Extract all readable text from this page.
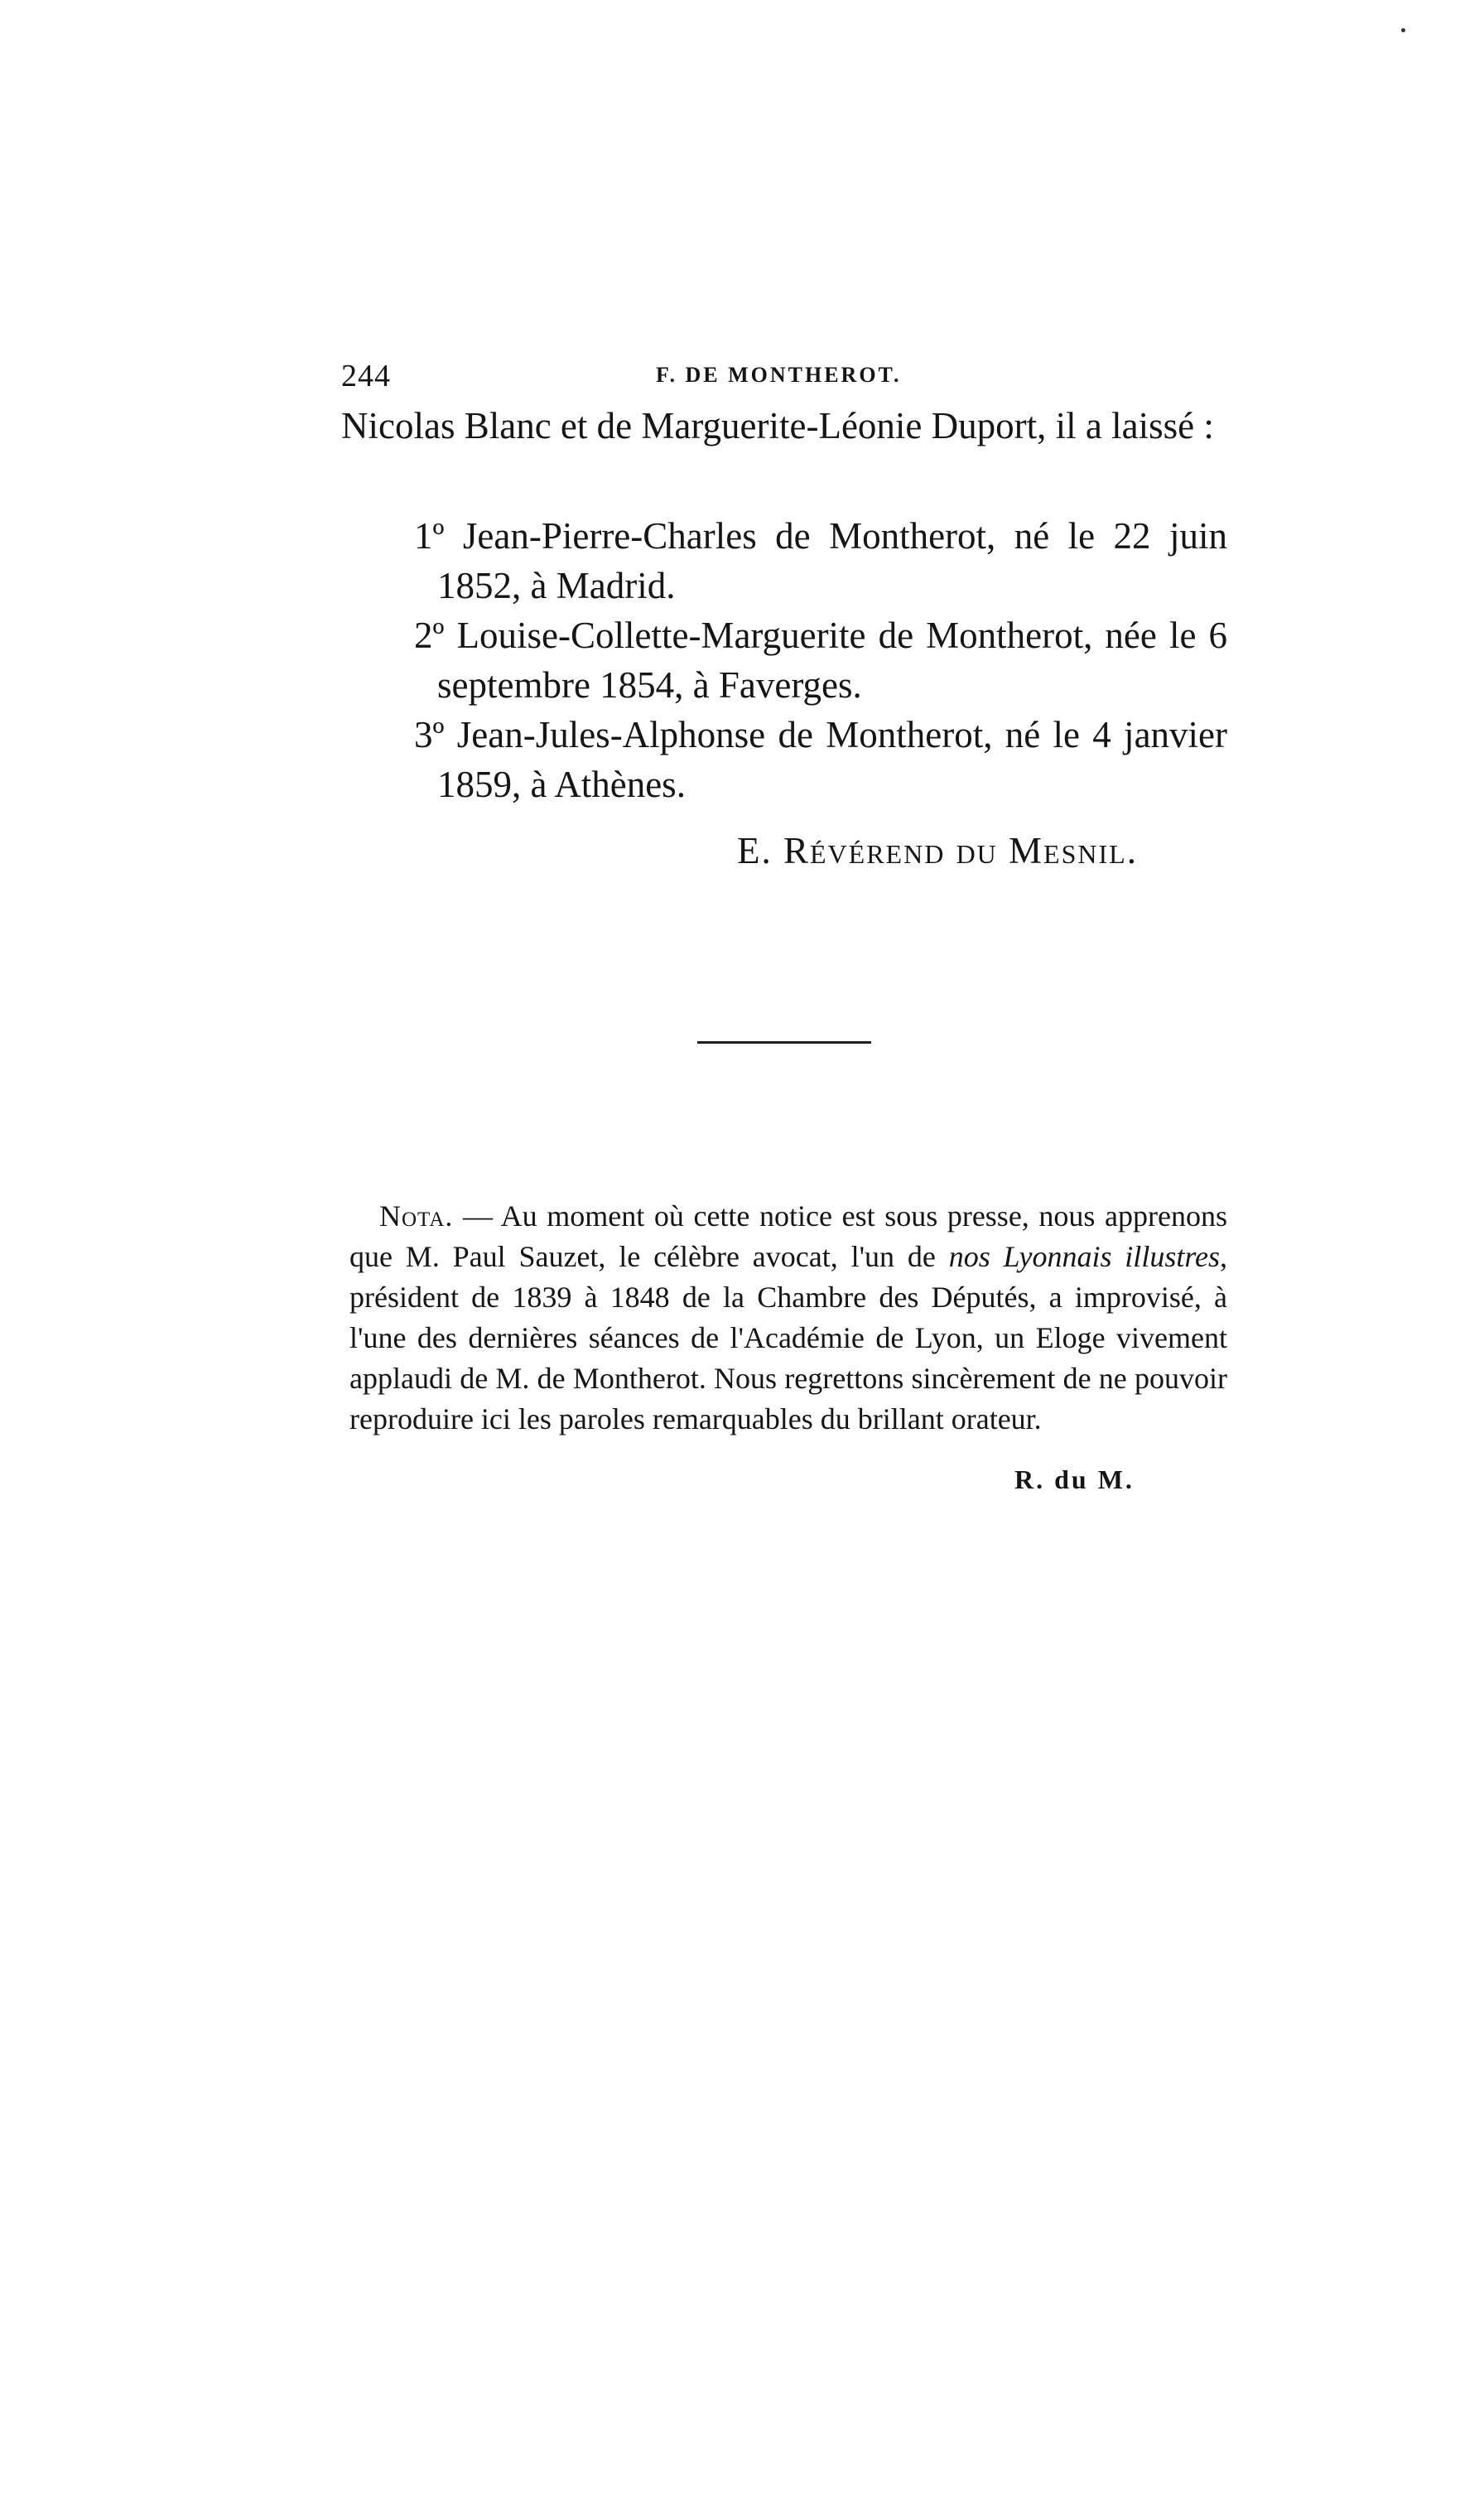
244	F. DE MONTHEROT.

Nicolas Blanc et de Marguerite-Léonie Duport, il a laissé :

1º Jean-Pierre-Charles de Montherot, né le 22 juin 1852, à Madrid.
2º Louise-Collette-Marguerite de Montherot, née le 6 septembre 1854, à Faverges.
3º Jean-Jules-Alphonse de Montherot, né le 4 janvier 1859, à Athènes.
E. Révérend du Mesnil.

Nota. — Au moment où cette notice est sous presse, nous apprenons que M. Paul Sauzet, le célèbre avocat, l'un de nos Lyonnais illustres, président de 1839 à 1848 de la Chambre des Députés, a improvisé, à l'une des dernières séances de l'Académie de Lyon, un Eloge vivement applaudi de M. de Montherot. Nous regrettons sincèrement de ne pouvoir reproduire ici les paroles remarquables du brillant orateur.

R. du M.
